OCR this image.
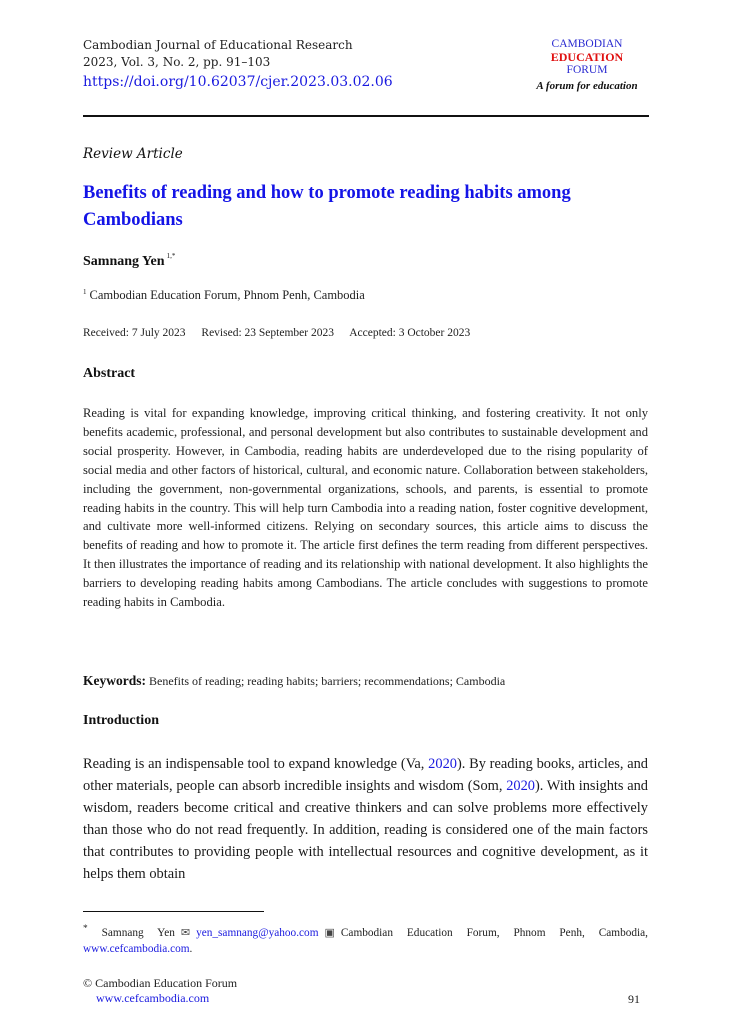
Cambodian Journal of Educational Research
2023, Vol. 3, No. 2, pp. 91–103
https://doi.org/10.62037/cjer.2023.03.02.06
CAMBODIAN
EDUCATION
FORUM
A forum for education
Review Article
Benefits of reading and how to promote reading habits among Cambodians
Samnang Yen $^{1,*}$
$^1$ Cambodian Education Forum, Phnom Penh, Cambodia
Received: 7 July 2023 Revised: 23 September 2023 Accepted: 3 October 2023
Abstract
Reading is vital for expanding knowledge, improving critical thinking, and fostering creativity. It not only benefits academic, professional, and personal development but also contributes to sustainable development and social prosperity. However, in Cambodia, reading habits are underdeveloped due to the rising popularity of social media and other factors of historical, cultural, and economic nature. Collaboration between stakeholders, including the government, non-governmental organizations, schools, and parents, is essential to promote reading habits in the country. This will help turn Cambodia into a reading nation, foster cognitive development, and cultivate more well-informed citizens. Relying on secondary sources, this article aims to discuss the benefits of reading and how to promote it. The article first defines the term reading from different perspectives. It then illustrates the importance of reading and its relationship with national development. It also highlights the barriers to developing reading habits among Cambodians. The article concludes with suggestions to promote reading habits in Cambodia.
Keywords: Benefits of reading; reading habits; barriers; recommendations; Cambodia
Introduction
Reading is an indispensable tool to expand knowledge (Va, 2020). By reading books, articles, and other materials, people can absorb incredible insights and wisdom (Som, 2020). With insights and wisdom, readers become critical and creative thinkers and can solve problems more effectively than those who do not read frequently. In addition, reading is considered one of the main factors that contributes to providing people with intellectual resources and cognitive development, as it helps them obtain
* Samnang Yen ✉ yen_samnang@yahoo.com ▣ Cambodian Education Forum, Phnom Penh, Cambodia, www.cefcambodia.com.
© Cambodian Education Forum
www.cefcambodia.com	91
